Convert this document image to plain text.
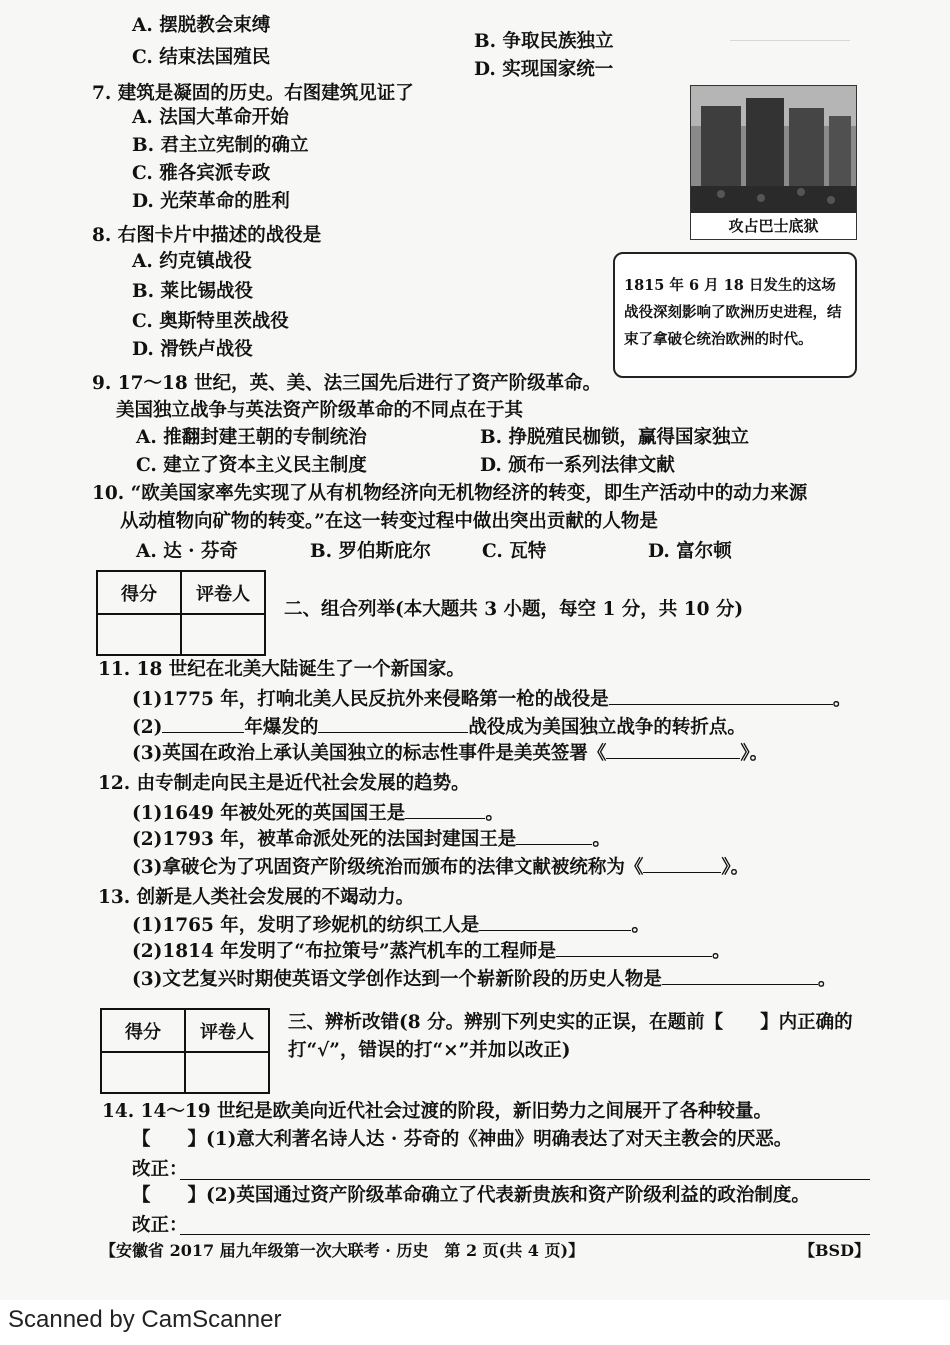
A. 摆脱教会束缚
C. 结束法国殖民
B. 争取民族独立
D. 实现国家统一
7. 建筑是凝固的历史。右图建筑见证了
A. 法国大革命开始
B. 君主立宪制的确立
C. 雅各宾派专政
D. 光荣革命的胜利
攻占巴士底狱
8. 右图卡片中描述的战役是
A. 约克镇战役
B. 莱比锡战役
C. 奥斯特里茨战役
D. 滑铁卢战役
1815 年 6 月 18 日发生的这场战役深刻影响了欧洲历史进程，结束了拿破仑统治欧洲的时代。
9. 17～18 世纪，英、美、法三国先后进行了资产阶级革命。
美国独立战争与英法资产阶级革命的不同点在于其
A. 推翻封建王朝的专制统治	B. 挣脱殖民枷锁，赢得国家独立
C. 建立了资本主义民主制度	D. 颁布一系列法律文献
10. “欧美国家率先实现了从有机物经济向无机物经济的转变，即生产活动中的动力来源
从动植物向矿物的转变。”在这一转变过程中做出突出贡献的人物是
A. 达 · 芬奇	B. 罗伯斯庇尔	C. 瓦特	D. 富尔顿
得分	评卷人
二、组合列举(本大题共 3 小题，每空 1 分，共 10 分)
11. 18 世纪在北美大陆诞生了一个新国家。
(1)1775 年，打响北美人民反抗外来侵略第一枪的战役是	。
(2)	年爆发的	战役成为美国独立战争的转折点。
(3)英国在政治上承认美国独立的标志性事件是美英签署《	》。
12. 由专制走向民主是近代社会发展的趋势。
(1)1649 年被处死的英国国王是	。
(2)1793 年，被革命派处死的法国封建国王是	。
(3)拿破仑为了巩固资产阶级统治而颁布的法律文献被统称为《	》。
13. 创新是人类社会发展的不竭动力。
(1)1765 年，发明了珍妮机的纺织工人是	。
(2)1814 年发明了“布拉策号”蒸汽机车的工程师是	。
(3)文艺复兴时期使英语文学创作达到一个崭新阶段的历史人物是	。
得分	评卷人	三、辨析改错(8 分。辨别下列史实的正误，在题前【　　】内正确的
打“√”，错误的打“×”并加以改正)
14. 14～19 世纪是欧美向近代社会过渡的阶段，新旧势力之间展开了各种较量。
【　　】(1)意大利著名诗人达 · 芬奇的《神曲》明确表达了对天主教会的厌恶。
改正：
【　　】(2)英国通过资产阶级革命确立了代表新贵族和资产阶级利益的政治制度。
改正：
【安徽省 2017 届九年级第一次大联考 · 历史　第 2 页(共 4 页)】	【BSD】
Scanned by CamScanner
